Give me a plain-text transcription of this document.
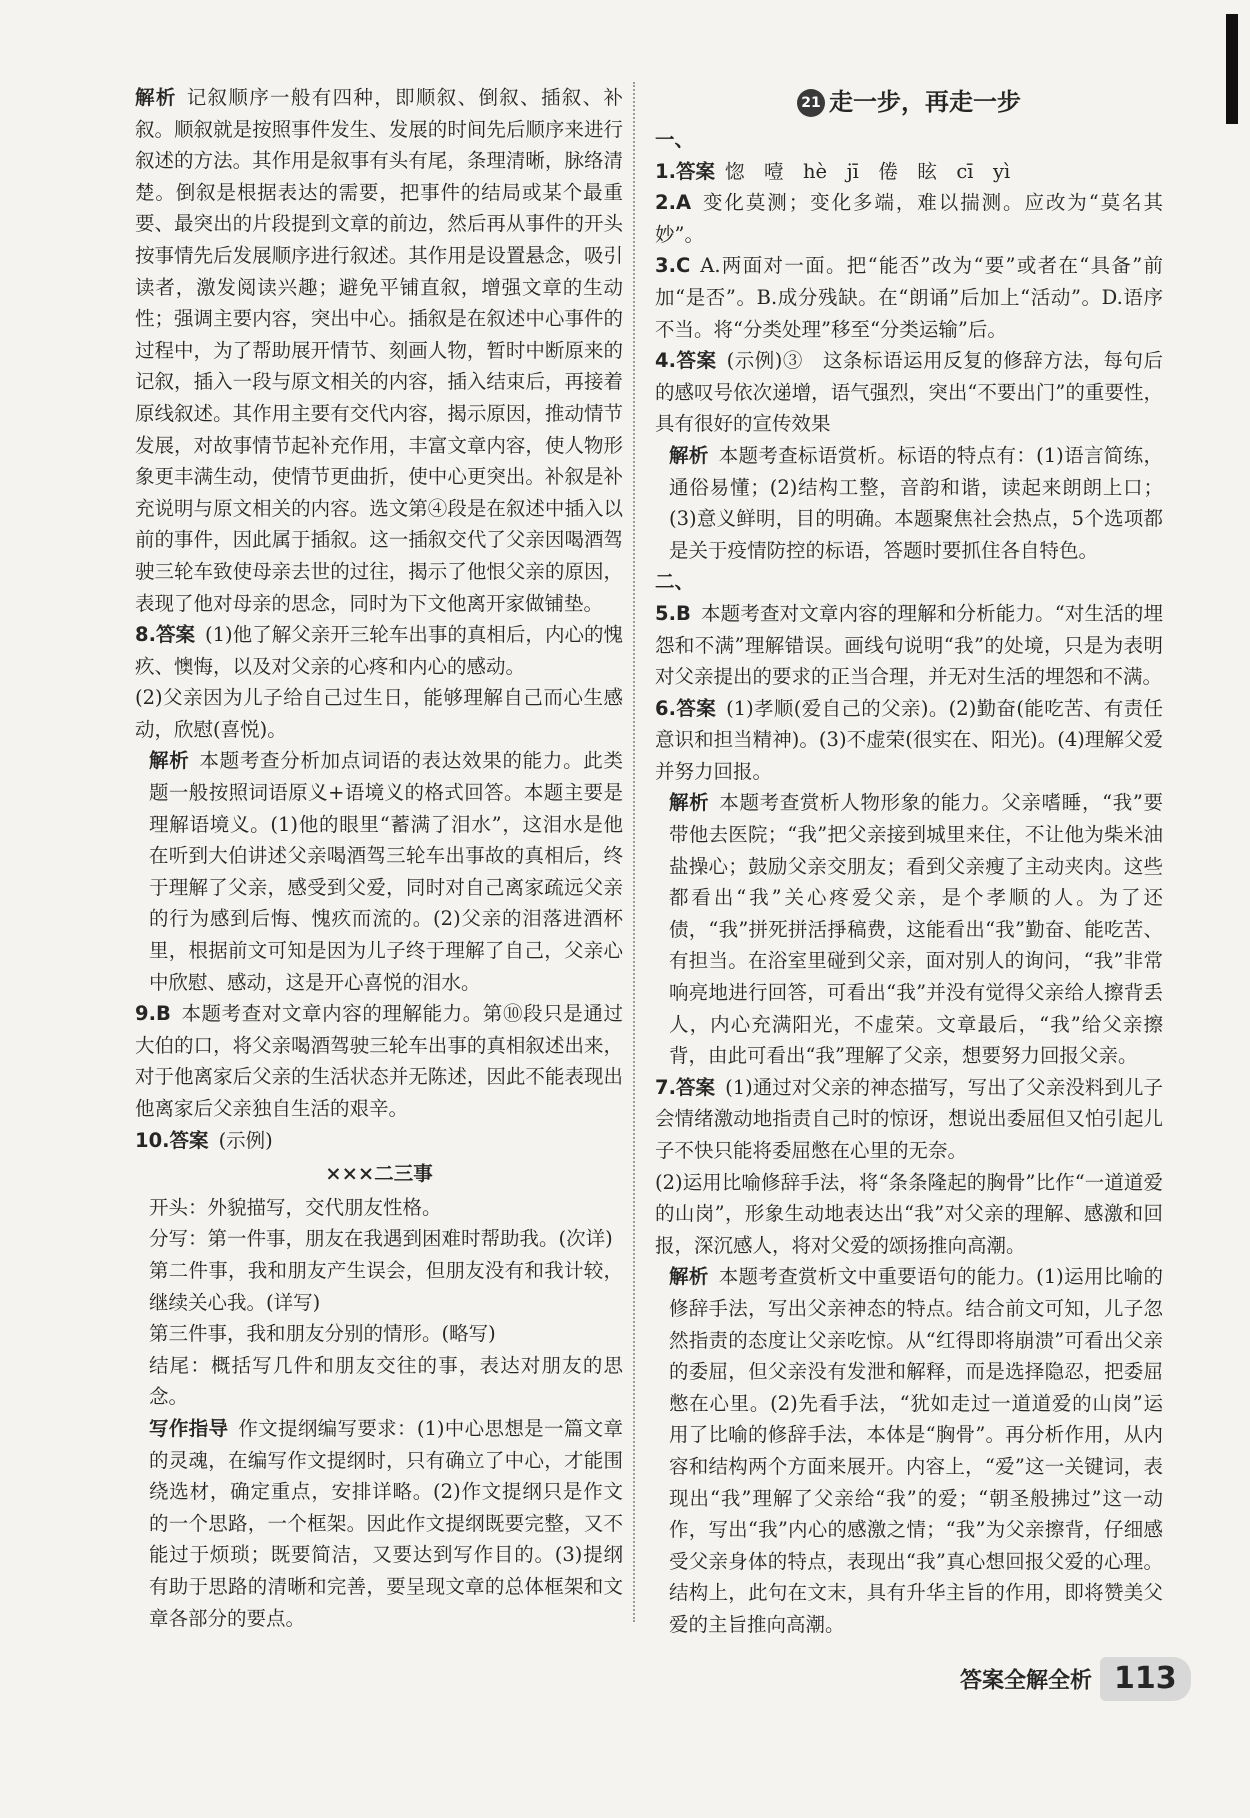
解析 记叙顺序一般有四种，即顺叙、倒叙、插叙、补叙。顺叙就是按照事件发生、发展的时间先后顺序来进行叙述的方法。其作用是叙事有头有尾，条理清晰，脉络清楚。倒叙是根据表达的需要，把事件的结局或某个最重要、最突出的片段提到文章的前边，然后再从事件的开头按事情先后发展顺序进行叙述。其作用是设置悬念，吸引读者，激发阅读兴趣；避免平铺直叙，增强文章的生动性；强调主要内容，突出中心。插叙是在叙述中心事件的过程中，为了帮助展开情节、刻画人物，暂时中断原来的记叙，插入一段与原文相关的内容，插入结束后，再接着原线叙述。其作用主要有交代内容，揭示原因，推动情节发展，对故事情节起补充作用，丰富文章内容，使人物形象更丰满生动，使情节更曲折，使中心更突出。补叙是补充说明与原文相关的内容。选文第④段是在叙述中插入以前的事件，因此属于插叙。这一插叙交代了父亲因喝酒驾驶三轮车致使母亲去世的过往，揭示了他恨父亲的原因，表现了他对母亲的思念，同时为下文他离开家做铺垫。

8.答案 (1)他了解父亲开三轮车出事的真相后，内心的愧疚、懊悔，以及对父亲的心疼和内心的感动。

(2)父亲因为儿子给自己过生日，能够理解自己而心生感动，欣慰(喜悦)。

解析 本题考查分析加点词语的表达效果的能力。此类题一般按照词语原义+语境义的格式回答。本题主要是理解语境义。(1)他的眼里“蓄满了泪水”，这泪水是他在听到大伯讲述父亲喝酒驾三轮车出事故的真相后，终于理解了父亲，感受到父爱，同时对自己离家疏远父亲的行为感到后悔、愧疚而流的。(2)父亲的泪落进酒杯里，根据前文可知是因为儿子终于理解了自己，父亲心中欣慰、感动，这是开心喜悦的泪水。

9.B 本题考查对文章内容的理解能力。第⑩段只是通过大伯的口，将父亲喝酒驾驶三轮车出事的真相叙述出来，对于他离家后父亲的生活状态并无陈述，因此不能表现出他离家后父亲独自生活的艰辛。

10.答案 (示例)

×××二三事

开头：外貌描写，交代朋友性格。

分写：第一件事，朋友在我遇到困难时帮助我。(次详)

第二件事，我和朋友产生误会，但朋友没有和我计较，继续关心我。(详写)

第三件事，我和朋友分别的情形。(略写)

结尾：概括写几件和朋友交往的事，表达对朋友的思念。

写作指导 作文提纲编写要求：(1)中心思想是一篇文章的灵魂，在编写作文提纲时，只有确立了中心，才能围绕选材，确定重点，安排详略。(2)作文提纲只是作文的一个思路，一个框架。因此作文提纲既要完整，又不能过于烦琐；既要简洁，又要达到写作目的。(3)提纲有助于思路的清晰和完善，要呈现文章的总体框架和文章各部分的要点。

21 走一步，再走一步

一、

1.答案 惚　噎　hè　jī　倦　眩　cī　yì

2.A 变化莫测；变化多端，难以揣测。应改为“莫名其妙”。

3.C A.两面对一面。把“能否”改为“要”或者在“具备”前加“是否”。B.成分残缺。在“朗诵”后加上“活动”。D.语序不当。将“分类处理”移至“分类运输”后。

4.答案 (示例)③　这条标语运用反复的修辞方法，每句后的感叹号依次递增，语气强烈，突出“不要出门”的重要性，具有很好的宣传效果

解析 本题考查标语赏析。标语的特点有：(1)语言简练，通俗易懂；(2)结构工整，音韵和谐，读起来朗朗上口；(3)意义鲜明，目的明确。本题聚焦社会热点，5个选项都是关于疫情防控的标语，答题时要抓住各自特色。

二、

5.B 本题考查对文章内容的理解和分析能力。“对生活的埋怨和不满”理解错误。画线句说明“我”的处境，只是为表明对父亲提出的要求的正当合理，并无对生活的埋怨和不满。

6.答案 (1)孝顺(爱自己的父亲)。(2)勤奋(能吃苦、有责任意识和担当精神)。(3)不虚荣(很实在、阳光)。(4)理解父爱并努力回报。

解析 本题考查赏析人物形象的能力。父亲嗜睡，“我”要带他去医院；“我”把父亲接到城里来住，不让他为柴米油盐操心；鼓励父亲交朋友；看到父亲瘦了主动夹肉。这些都看出“我”关心疼爱父亲，是个孝顺的人。为了还债，“我”拼死拼活掙稿费，这能看出“我”勤奋、能吃苦、有担当。在浴室里碰到父亲，面对别人的询问，“我”非常响亮地进行回答，可看出“我”并没有觉得父亲给人擦背丢人，内心充满阳光，不虚荣。文章最后，“我”给父亲擦背，由此可看出“我”理解了父亲，想要努力回报父亲。

7.答案 (1)通过对父亲的神态描写，写出了父亲没料到儿子会情绪激动地指责自己时的惊讶，想说出委屈但又怕引起儿子不快只能将委屈憋在心里的无奈。

(2)运用比喻修辞手法，将“条条隆起的胸骨”比作“一道道爱的山岗”，形象生动地表达出“我”对父亲的理解、感激和回报，深沉感人，将对父爱的颂扬推向高潮。

解析 本题考查赏析文中重要语句的能力。(1)运用比喻的修辞手法，写出父亲神态的特点。结合前文可知，儿子忽然指责的态度让父亲吃惊。从“红得即将崩溃”可看出父亲的委屈，但父亲没有发泄和解释，而是选择隐忍，把委屈憋在心里。(2)先看手法，“犹如走过一道道爱的山岗”运用了比喻的修辞手法，本体是“胸骨”。再分析作用，从内容和结构两个方面来展开。内容上，“爱”这一关键词，表现出“我”理解了父亲给“我”的爱；“朝圣般拂过”这一动作，写出“我”内心的感激之情；“我”为父亲擦背，仔细感受父亲身体的特点，表现出“我”真心想回报父爱的心理。结构上，此句在文末，具有升华主旨的作用，即将赞美父爱的主旨推向高潮。

答案全解全析 113
